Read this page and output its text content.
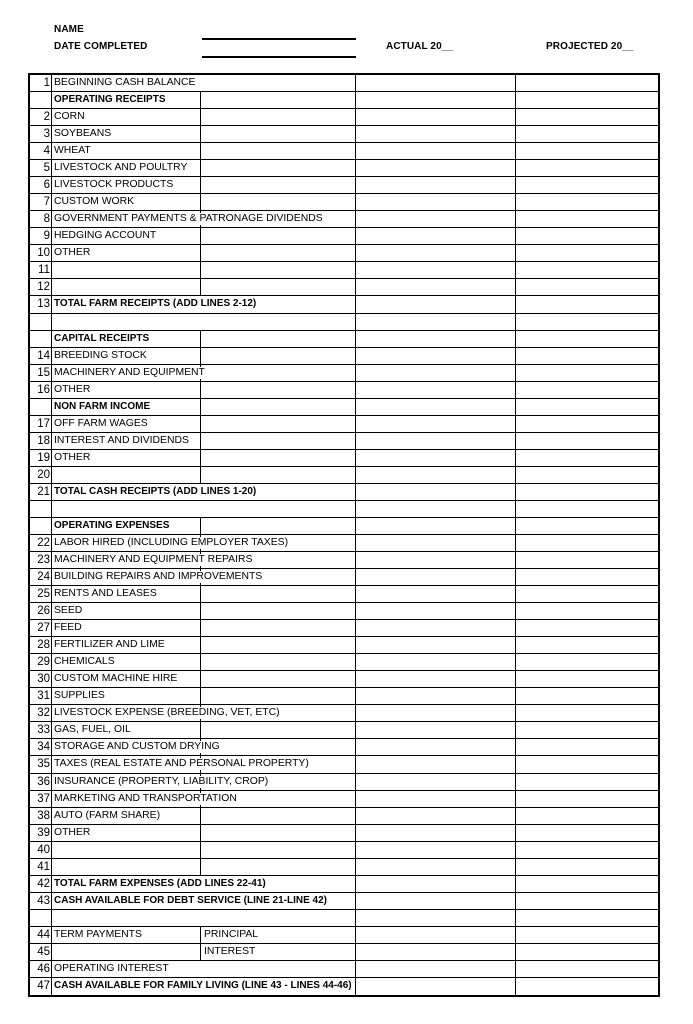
NAME
DATE COMPLETED	ACTUAL 20__	PROJECTED 20__
1 BEGINNING CASH BALANCE
OPERATING RECEIPTS
2 CORN
3 SOYBEANS
4 WHEAT
5 LIVESTOCK AND POULTRY
6 LIVESTOCK PRODUCTS
7 CUSTOM WORK
8 GOVERNMENT PAYMENTS & PATRONAGE DIVIDENDS
9 HEDGING ACCOUNT
10 OTHER
11
12
13 TOTAL FARM RECEIPTS (ADD LINES 2-12)
CAPITAL RECEIPTS
14 BREEDING STOCK
15 MACHINERY AND EQUIPMENT
16 OTHER
NON FARM INCOME
17 OFF FARM WAGES
18 INTEREST AND DIVIDENDS
19 OTHER
20
21 TOTAL CASH RECEIPTS (ADD LINES 1-20)
OPERATING EXPENSES
22 LABOR HIRED (INCLUDING EMPLOYER TAXES)
23 MACHINERY AND EQUIPMENT REPAIRS
24 BUILDING REPAIRS AND IMPROVEMENTS
25 RENTS AND LEASES
26 SEED
27 FEED
28 FERTILIZER AND LIME
29 CHEMICALS
30 CUSTOM MACHINE HIRE
31 SUPPLIES
32 LIVESTOCK EXPENSE (BREEDING, VET, ETC)
33 GAS, FUEL, OIL
34 STORAGE AND CUSTOM DRYING
35 TAXES (REAL ESTATE AND PERSONAL PROPERTY)
36 INSURANCE (PROPERTY, LIABILITY, CROP)
37 MARKETING AND TRANSPORTATION
38 AUTO (FARM SHARE)
39 OTHER
40
41
42 TOTAL FARM EXPENSES (ADD LINES 22-41)
43 CASH AVAILABLE FOR DEBT SERVICE (LINE 21-LINE 42)
44 TERM PAYMENTS	PRINCIPAL
45	INTEREST
46 OPERATING INTEREST
47 CASH AVAILABLE FOR FAMILY LIVING (LINE 43 - LINES 44-46)
